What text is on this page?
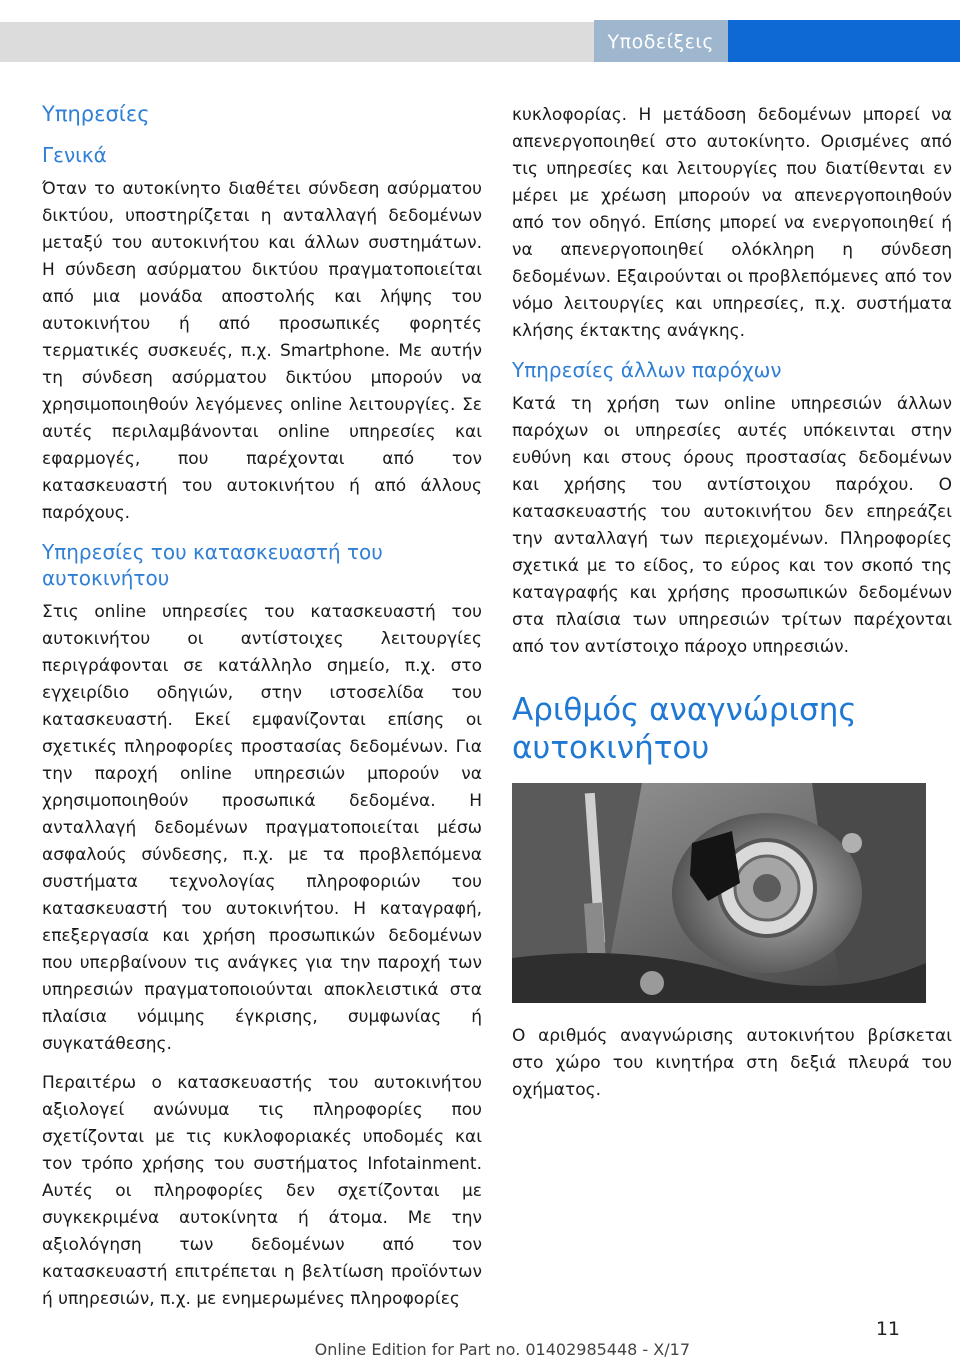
Υποδείξεις
Υπηρεσίες
Γενικά

Όταν το αυτοκίνητο διαθέτει σύνδεση ασύρματου δικτύου, υποστηρίζεται η ανταλλαγή δεδομένων μεταξύ του αυτοκινήτου και άλλων συστημάτων. Η σύνδεση ασύρματου δικτύου πραγματοποιείται από μια μονάδα αποστολής και λήψης του αυτοκινήτου ή από προσωπικές φορητές τερματικές συσκευές, π.χ. Smartphone. Με αυτήν τη σύνδεση ασύρματου δικτύου μπορούν να χρησιμοποιηθούν λεγόμενες online λειτουργίες. Σε αυτές περιλαμβάνονται online υπηρεσίες και εφαρμογές, που παρέχονται από τον κατασκευαστή του αυτοκινήτου ή από άλλους παρόχους.

Υπηρεσίες του κατασκευαστή του αυτοκινήτου

Στις online υπηρεσίες του κατασκευαστή του αυτοκινήτου οι αντίστοιχες λειτουργίες περιγράφονται σε κατάλληλο σημείο, π.χ. στο εγχειρίδιο οδηγιών, στην ιστοσελίδα του κατασκευαστή. Εκεί εμφανίζονται επίσης οι σχετικές πληροφορίες προστασίας δεδομένων. Για την παροχή online υπηρεσιών μπορούν να χρησιμοποιηθούν προσωπικά δεδομένα. Η ανταλλαγή δεδομένων πραγματοποιείται μέσω ασφαλούς σύνδεσης, π.χ. με τα προβλεπόμενα συστήματα τεχνολογίας πληροφοριών του κατασκευαστή του αυτοκινήτου. Η καταγραφή, επεξεργασία και χρήση προσωπικών δεδομένων που υπερβαίνουν τις ανάγκες για την παροχή των υπηρεσιών πραγματοποιούνται αποκλειστικά στα πλαίσια νόμιμης έγκρισης, συμφωνίας ή συγκατάθεσης.

Περαιτέρω ο κατασκευαστής του αυτοκινήτου αξιολογεί ανώνυμα τις πληροφορίες που σχετίζονται με τις κυκλοφοριακές υποδομές και τον τρόπο χρήσης του συστήματος Infotainment. Αυτές οι πληροφορίες δεν σχετίζονται με συγκεκριμένα αυτοκίνητα ή άτομα. Με την αξιολόγηση των δεδομένων από τον κατασκευαστή επιτρέπεται η βελτίωση προϊόντων ή υπηρεσιών, π.χ. με ενημερωμένες πληροφορίες

κυκλοφορίας. Η μετάδοση δεδομένων μπορεί να απενεργοποιηθεί στο αυτοκίνητο. Ορισμένες από τις υπηρεσίες και λειτουργίες που διατίθενται εν μέρει με χρέωση μπορούν να απενεργοποιηθούν από τον οδηγό. Επίσης μπορεί να ενεργοποιηθεί ή να απενεργοποιηθεί ολόκληρη η σύνδεση δεδομένων. Εξαιρούνται οι προβλεπόμενες από τον νόμο λειτουργίες και υπηρεσίες, π.χ. συστήματα κλήσης έκτακτης ανάγκης.

Υπηρεσίες άλλων παρόχων

Κατά τη χρήση των online υπηρεσιών άλλων παρόχων οι υπηρεσίες αυτές υπόκεινται στην ευθύνη και στους όρους προστασίας δεδομένων και χρήσης του αντίστοιχου παρόχου. Ο κατασκευαστής του αυτοκινήτου δεν επηρεάζει την ανταλλαγή των περιεχομένων. Πληροφορίες σχετικά με το είδος, το εύρος και τον σκοπό της καταγραφής και χρήσης προσωπικών δεδομένων στα πλαίσια των υπηρεσιών τρίτων παρέχονται από τον αντίστοιχο πάροχο υπηρεσιών.

Αριθμός αναγνώρισης αυτοκινήτου

Ο αριθμός αναγνώρισης αυτοκινήτου βρίσκεται στο χώρο του κινητήρα στη δεξιά πλευρά του οχήματος.

11
Online Edition for Part no. 01402985448 - X/17
